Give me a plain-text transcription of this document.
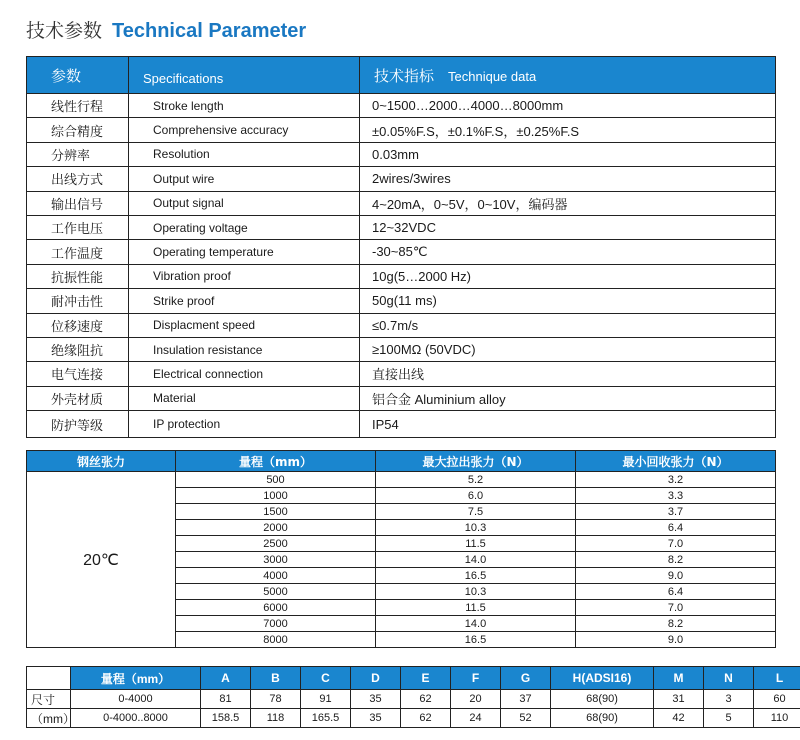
技术参数 Technical Parameter
参数	Specifications	技术指标 Technique data
线性行程	Stroke length	0~1500…2000…4000…8000mm
综合精度	Comprehensive accuracy	±0.05%F.S，±0.1%F.S，±0.25%F.S
分辨率	Resolution	0.03mm
出线方式	Output wire	2wires/3wires
输出信号	Output signal	4~20mA，0~5V，0~10V，编码器
工作电压	Operating voltage	12~32VDC
工作温度	Operating temperature	-30~85℃
抗振性能	Vibration proof	10g(5…2000 Hz)
耐冲击性	Strike proof	50g(11 ms)
位移速度	Displacment speed	≤0.7m/s
绝缘阻抗	Insulation resistance	≥100MΩ (50VDC)
电气连接	Electrical connection	直接出线
外壳材质	Material	铝合金 Aluminium alloy
防护等级	IP protection	IP54
钢丝张力	量程（mm）	最大拉出张力（N）	最小回收张力（N）
20℃	500	5.2	3.2
	1000	6.0	3.3
	1500	7.5	3.7
	2000	10.3	6.4
	2500	11.5	7.0
	3000	14.0	8.2
	4000	16.5	9.0
	5000	10.3	6.4
	6000	11.5	7.0
	7000	14.0	8.2
	8000	16.5	9.0
	量程（mm）	A	B	C	D	E	F	G	H(ADSI16)	M	N	L
尺寸	0-4000	81	78	91	35	62	20	37	68(90)	31	3	60
（mm）	0-4000..8000	158.5	118	165.5	35	62	24	52	68(90)	42	5	110
